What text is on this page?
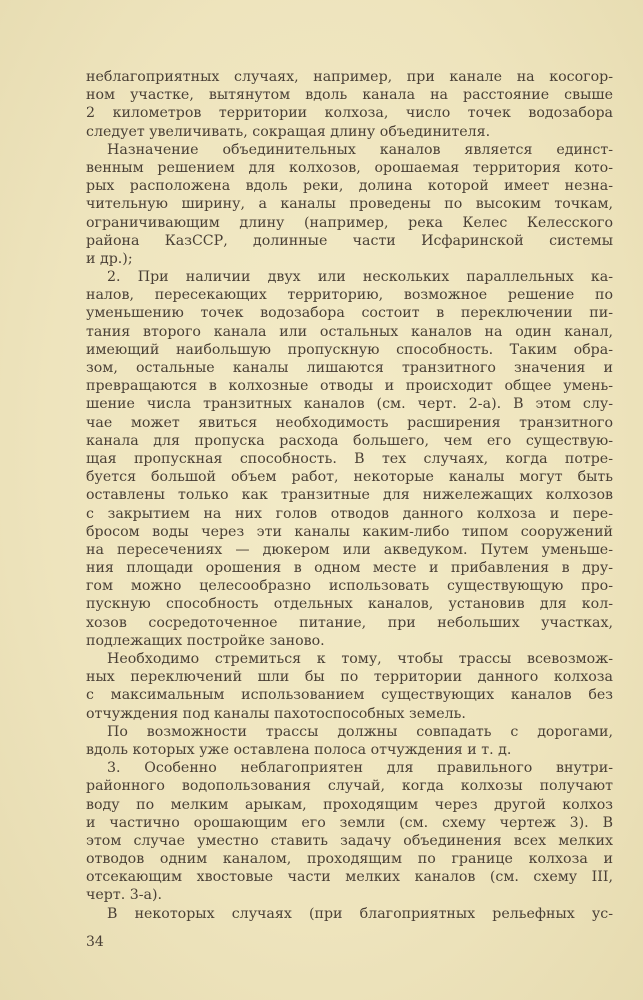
неблагоприятных случаях, например, при канале на косогор-
ном участке, вытянутом вдоль канала на расстояние свыше
2 километров территории колхоза, число точек водозабора
следует увеличивать, сокращая длину объединителя.
Назначение объединительных каналов является единст-
венным решением для колхозов, орошаемая территория кото-
рых расположена вдоль реки, долина которой имеет незна-
чительную ширину, а каналы проведены по высоким точкам,
ограничивающим длину (например, река Келес Келесского
района КазССР, долинные части Исфаринской системы
и др.);
2. При наличии двух или нескольких параллельных ка-
налов, пересекающих территорию, возможное решение по
уменьшению точек водозабора состоит в переключении пи-
тания второго канала или остальных каналов на один канал,
имеющий наибольшую пропускную способность. Таким обра-
зом, остальные каналы лишаются транзитного значения и
превращаются в колхозные отводы и происходит общее умень-
шение числа транзитных каналов (см. черт. 2-а). В этом слу-
чае может явиться необходимость расширения транзитного
канала для пропуска расхода большего, чем его существую-
щая пропускная способность. В тех случаях, когда потре-
буется большой объем работ, некоторые каналы могут быть
оставлены только как транзитные для нижележащих колхозов
с закрытием на них голов отводов данного колхоза и пере-
бросом воды через эти каналы каким-либо типом сооружений
на пересечениях — дюкером или акведуком. Путем уменьше-
ния площади орошения в одном месте и прибавления в дру-
гом можно целесообразно использовать существующую про-
пускную способность отдельных каналов, установив для кол-
хозов сосредоточенное питание, при небольших участках,
подлежащих постройке заново.
Необходимо стремиться к тому, чтобы трассы всевозмож-
ных переключений шли бы по территории данного колхоза
с максимальным использованием существующих каналов без
отчуждения под каналы пахотоспособных земель.
По возможности трассы должны совпадать с дорогами,
вдоль которых уже оставлена полоса отчуждения и т. д.
3. Особенно неблагоприятен для правильного внутри-
районного водопользования случай, когда колхозы получают
воду по мелким арыкам, проходящим через другой колхоз
и частично орошающим его земли (см. схему чертеж 3). В
этом случае уместно ставить задачу объединения всех мелких
отводов одним каналом, проходящим по границе колхоза и
отсекающим хвостовые части мелких каналов (см. схему III,
черт. 3-а).
В некоторых случаях (при благоприятных рельефных ус-
34
